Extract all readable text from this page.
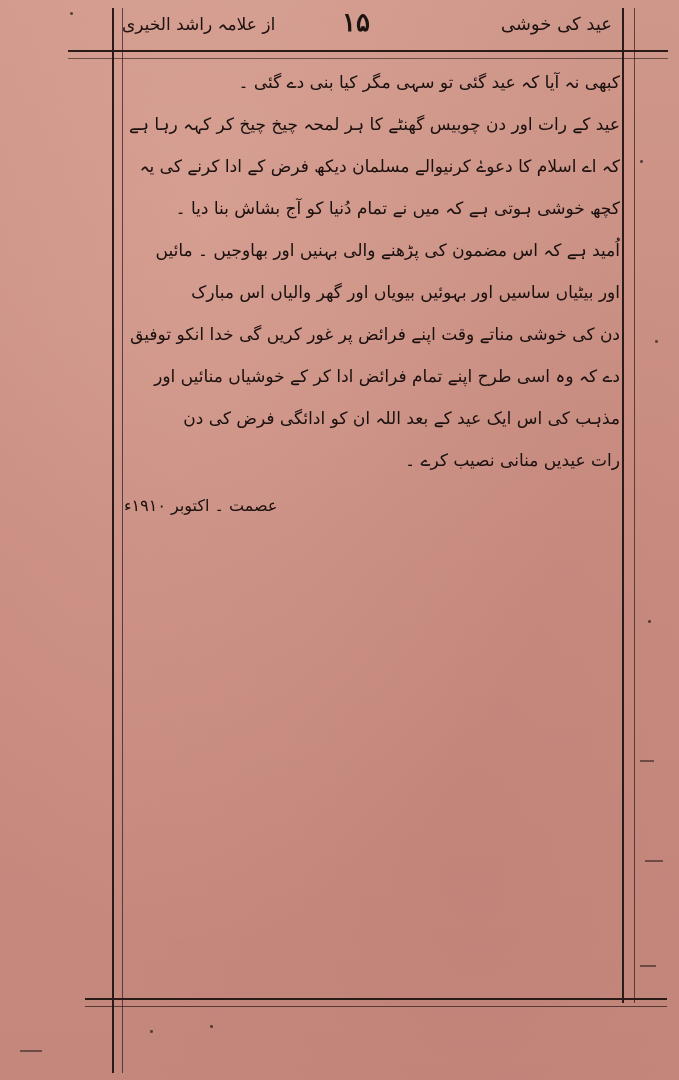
عید کی خوشی
۱۵
از علامہ راشد الخیری
کبھی نہ آیا کہ عید گئی تو سہی مگر کیا بنی دے گئی ۔
عید کے رات اور دن چوبیس گھنٹے کا ہر لمحہ چیخ چیخ کر کہہ رہا ہے
کہ اے اسلام کا دعوےٰ کرنیوالے مسلمان دیکھ فرض کے ادا کرنے کی یہ
کچھ خوشی ہوتی ہے کہ میں نے تمام دُنیا کو آج بشاش بنا دیا ۔
اُمید ہے کہ اس مضمون کی پڑھنے والی بہنیں اور بھاوجیں ۔ مائیں
اور بیٹیاں ساسیں اور بہوئیں بیویاں اور گھر والیاں اس مبارک
دن کی خوشی مناتے وقت اپنے فرائض پر غور کریں گی خدا انکو توفیق
دے کہ وہ اسی طرح اپنے تمام فرائض ادا کر کے خوشیاں منائیں اور
مذہب کی اس ایک عید کے بعد اللہ ان کو ادائگی فرض کی دن
رات عیدیں منانی نصیب کرے ۔
عصمت ۔ اکتوبر ۱۹۱۰ء
